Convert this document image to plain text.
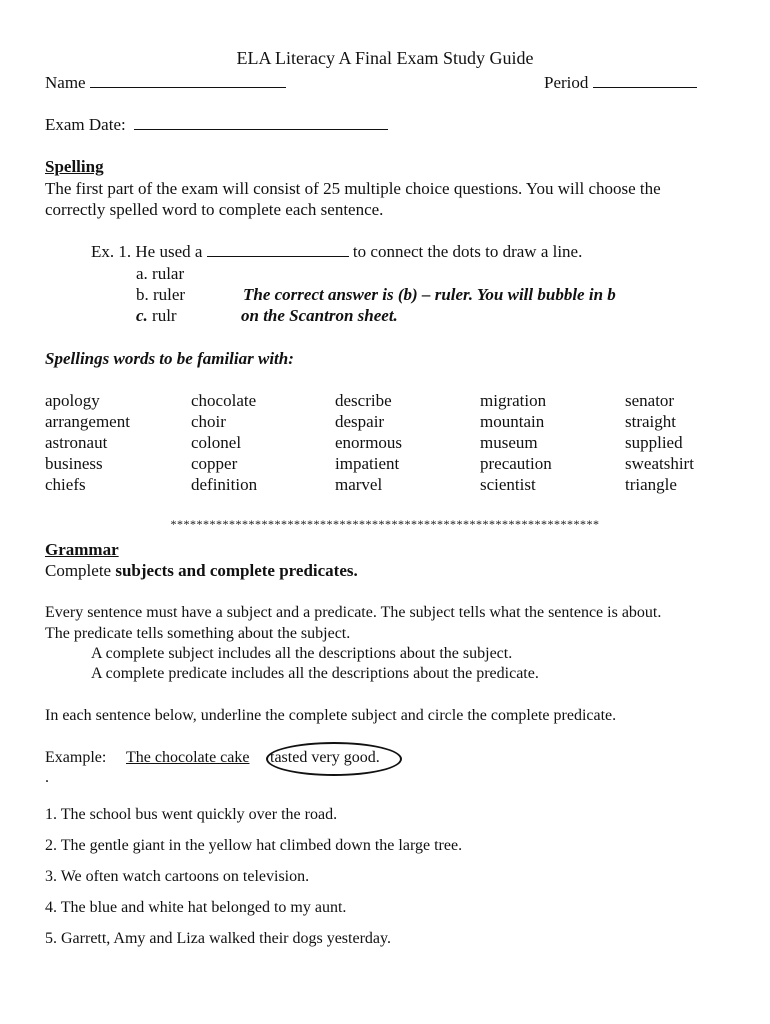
ELA Literacy A Final Exam Study Guide
Name	Period
Exam Date:
Spelling
The first part of the exam will consist of 25 multiple choice questions. You will choose the
correctly spelled word to complete each sentence.
Ex. 1. He used a	to connect the dots to draw a line.
a. rular
b. ruler
c. rulr
The correct answer is (b) – ruler. You will bubble in b
on the Scantron sheet.
Spellings words to be familiar with:
apology
arrangement
astronaut
business
chiefs
chocolate
choir
colonel
copper
definition
describe
despair
enormous
impatient
marvel
migration
mountain
museum
precaution
scientist
senator
straight
supplied
sweatshirt
triangle
******************************************************************
Grammar
Complete subjects and complete predicates.
Every sentence must have a subject and a predicate. The subject tells what the sentence is about.
The predicate tells something about the subject.
A complete subject includes all the descriptions about the subject.
A complete predicate includes all the descriptions about the predicate.
In each sentence below, underline the complete subject and circle the complete predicate.
Example: The chocolate cake tasted very good.
.
1. The school bus went quickly over the road.
2. The gentle giant in the yellow hat climbed down the large tree.
3. We often watch cartoons on television.
4. The blue and white hat belonged to my aunt.
5. Garrett, Amy and Liza walked their dogs yesterday.
